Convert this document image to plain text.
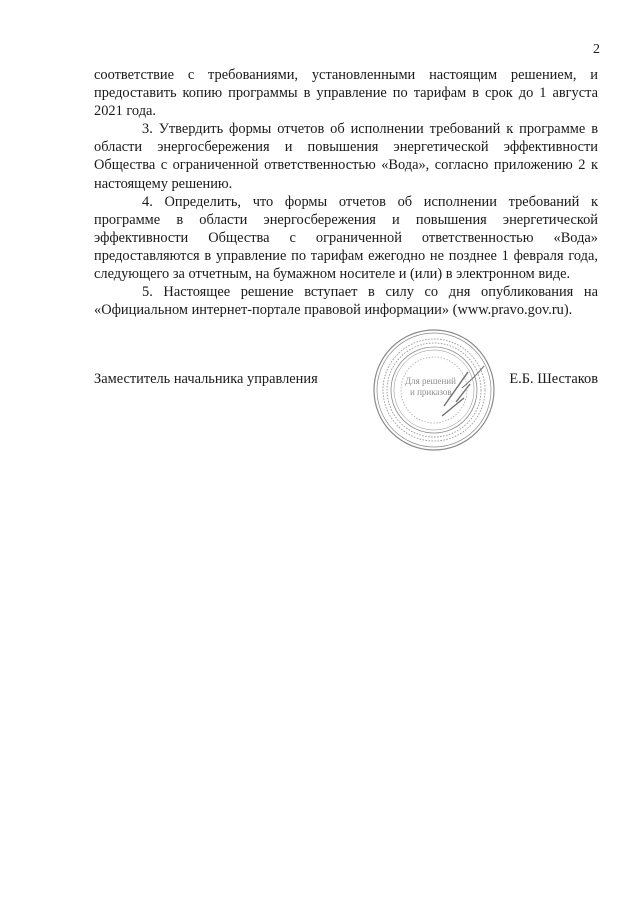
2

соответствие с требованиями, установленными настоящим решением, и предоставить копию программы в управление по тарифам в срок до 1 августа 2021 года.

3. Утвердить формы отчетов об исполнении требований к программе в области энергосбережения и повышения энергетической эффективности Общества с ограниченной ответственностью «Вода», согласно приложению 2 к настоящему решению.

4. Определить, что формы отчетов об исполнении требований к программе в области энергосбережения и повышения энергетической эффективности Общества с ограниченной ответственностью «Вода» предоставляются в управление по тарифам ежегодно не позднее 1 февраля года, следующего за отчетным, на бумажном носителе и (или) в электронном виде.

5. Настоящее решение вступает в силу со дня опубликования на «Официальном интернет-портале правовой информации» (www.pravo.gov.ru).

Заместитель начальника управления	Е.Б. Шестаков
Для решений
и приказов
